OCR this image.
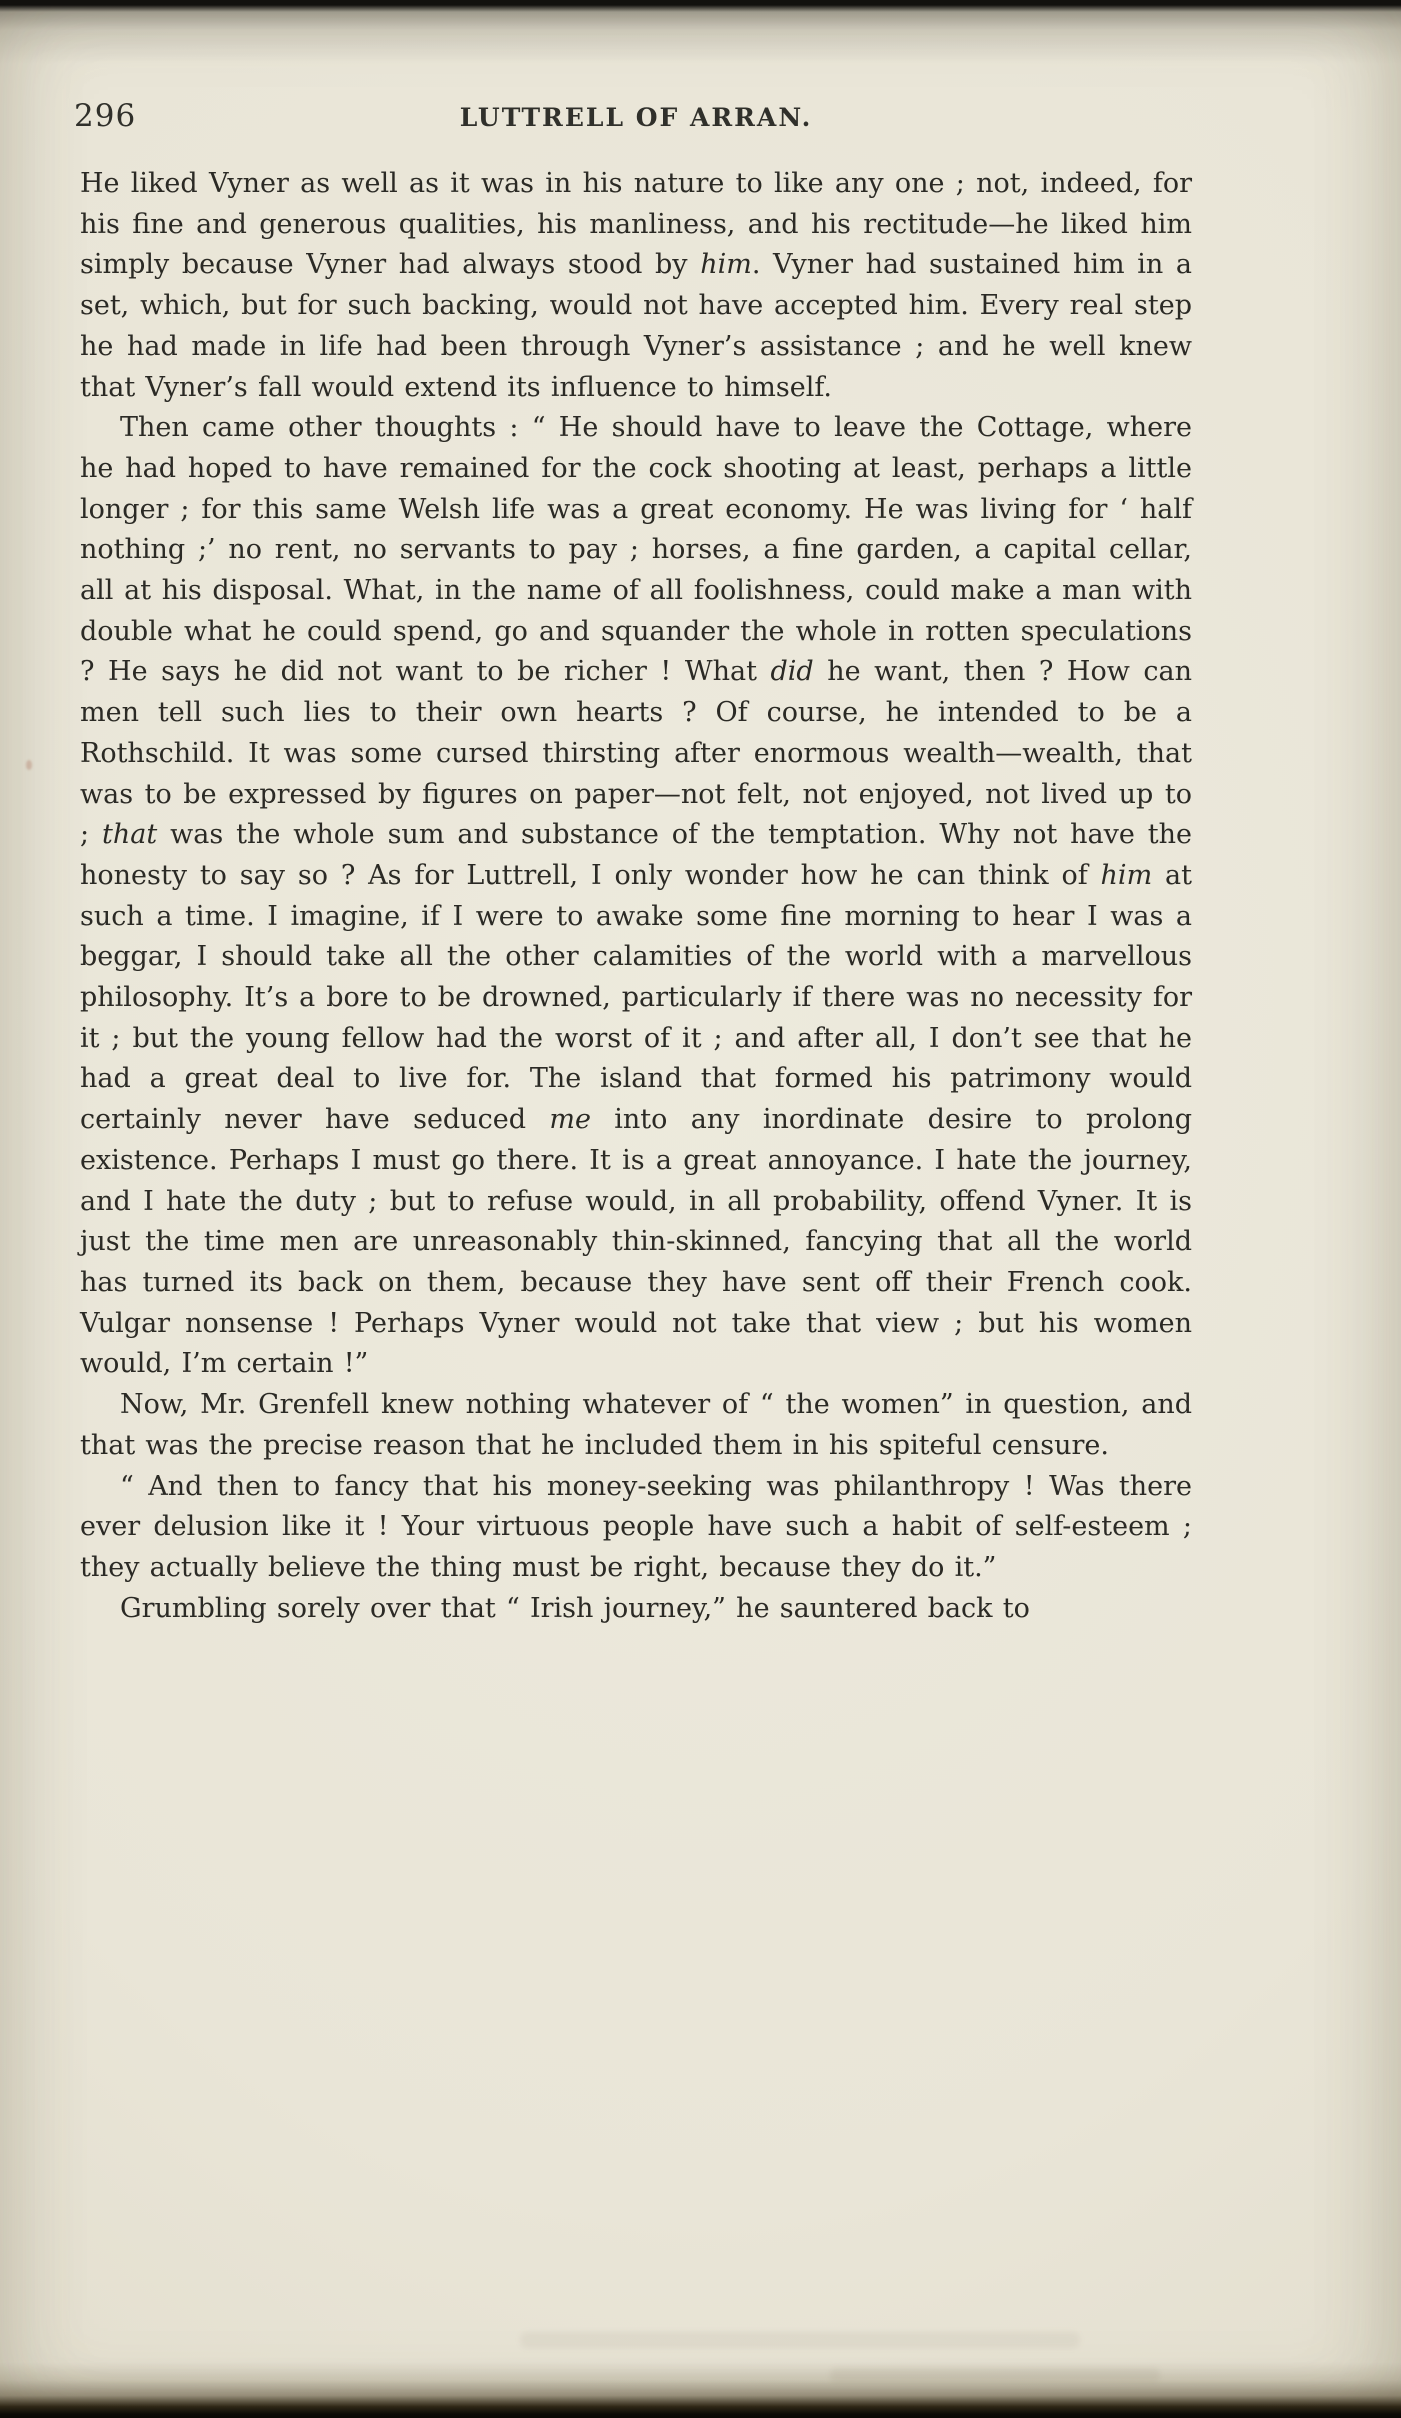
296	LUTTRELL OF ARRAN.

He liked Vyner as well as it was in his nature to like any one ; not, indeed, for his fine and generous qualities, his manliness, and his rectitude—he liked him simply because Vyner had always stood by him. Vyner had sustained him in a set, which, but for such backing, would not have accepted him. Every real step he had made in life had been through Vyner’s assistance ; and he well knew that Vyner’s fall would extend its influence to himself.

Then came other thoughts : “ He should have to leave the Cottage, where he had hoped to have remained for the cock shooting at least, perhaps a little longer ; for this same Welsh life was a great economy. He was living for ‘ half nothing ;’ no rent, no servants to pay ; horses, a fine garden, a capital cellar, all at his disposal. What, in the name of all foolishness, could make a man with double what he could spend, go and squander the whole in rotten speculations ? He says he did not want to be richer ! What did he want, then ? How can men tell such lies to their own hearts ? Of course, he intended to be a Rothschild. It was some cursed thirsting after enormous wealth—wealth, that was to be expressed by figures on paper—not felt, not enjoyed, not lived up to ; that was the whole sum and substance of the temptation. Why not have the honesty to say so ? As for Luttrell, I only wonder how he can think of him at such a time. I imagine, if I were to awake some fine morning to hear I was a beggar, I should take all the other calamities of the world with a marvellous philosophy. It’s a bore to be drowned, particularly if there was no necessity for it ; but the young fellow had the worst of it ; and after all, I don’t see that he had a great deal to live for. The island that formed his patrimony would certainly never have seduced me into any inordinate desire to prolong existence. Perhaps I must go there. It is a great annoyance. I hate the journey, and I hate the duty ; but to refuse would, in all probability, offend Vyner. It is just the time men are unreasonably thin-skinned, fancying that all the world has turned its back on them, because they have sent off their French cook. Vulgar nonsense ! Perhaps Vyner would not take that view ; but his women would, I’m certain !”

Now, Mr. Grenfell knew nothing whatever of “ the women” in question, and that was the precise reason that he included them in his spiteful censure.

“ And then to fancy that his money-seeking was philanthropy ! Was there ever delusion like it ! Your virtuous people have such a habit of self-esteem ; they actually believe the thing must be right, because they do it.”

Grumbling sorely over that “ Irish journey,” he sauntered back to
